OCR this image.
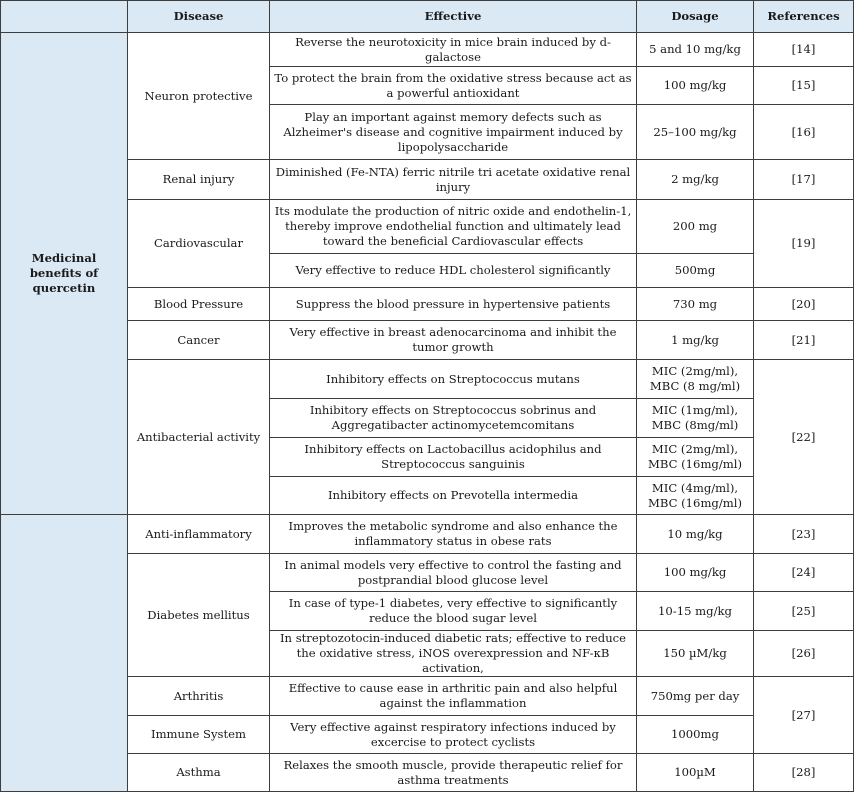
	Disease	Effective	Dosage	References
Medicinal benefits of quercetin	Neuron protective	Reverse the neurotoxicity in mice brain induced by d-galactose	5 and 10 mg/kg	[14]
		To protect the brain from the oxidative stress because act as a powerful antioxidant	100 mg/kg	[15]
		Play an important against memory defects such as Alzheimer's disease and cognitive impairment induced by lipopolysaccharide	25–100 mg/kg	[16]
	Renal injury	Diminished (Fe-NTA) ferric nitrile tri acetate oxidative renal injury	2 mg/kg	[17]
	Cardiovascular	Its modulate the production of nitric oxide and endothelin-1, thereby improve endothelial function and ultimately lead toward the beneficial Cardiovascular effects	200 mg	[19]
		Very effective to reduce HDL cholesterol significantly	500mg	
	Blood Pressure	Suppress the blood pressure in hypertensive patients	730 mg	[20]
	Cancer	Very effective in breast adenocarcinoma and inhibit the tumor growth	1 mg/kg	[21]
	Antibacterial activity	Inhibitory effects on Streptococcus mutans	MIC (2mg/ml), MBC (8 mg/ml)	[22]
		Inhibitory effects on Streptococcus sobrinus and Aggregatibacter actinomycetemcomitans	MIC (1mg/ml), MBC (8mg/ml)	
		Inhibitory effects on Lactobacillus acidophilus and Streptococcus sanguinis	MIC (2mg/ml), MBC (16mg/ml)	
		Inhibitory effects on Prevotella intermedia	MIC (4mg/ml), MBC (16mg/ml)	
	Anti-inflammatory	Improves the metabolic syndrome and also enhance the inflammatory status in obese rats	10 mg/kg	[23]
	Diabetes mellitus	In animal models very effective to control the fasting and postprandial blood glucose level	100 mg/kg	[24]
		In case of type-1 diabetes, very effective to significantly reduce the blood sugar level	10-15 mg/kg	[25]
		In streptozotocin-induced diabetic rats; effective to reduce the oxidative stress, iNOS overexpression and NF-κB activation,	150 µM/kg	[26]
	Arthritis	Effective to cause ease in arthritic pain and also helpful against the inflammation	750mg per day	[27]
	Immune System	Very effective against respiratory infections induced by excercise to protect cyclists	1000mg	
	Asthma	Relaxes the smooth muscle, provide therapeutic relief for asthma treatments	100µM	[28]
